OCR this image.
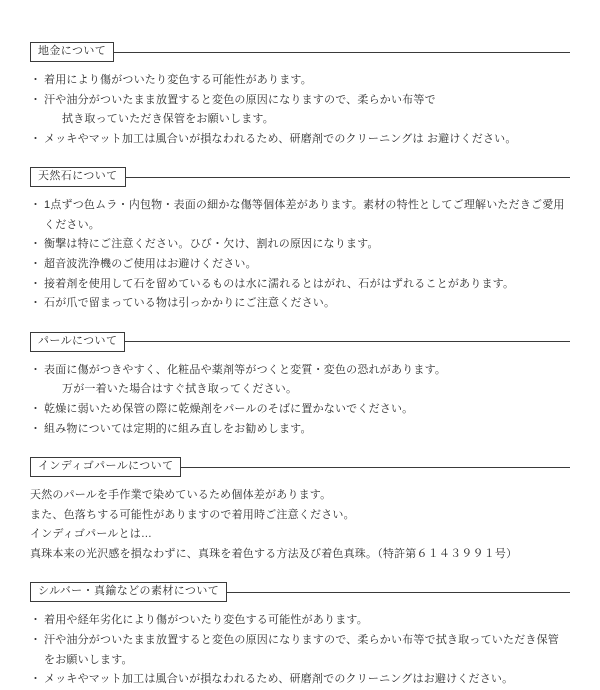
地金について
・ 着用により傷がついたり変色する可能性があります。
・ 汗や油分がついたまま放置すると変色の原因になりますので、柔らかい布等で
拭き取っていただき保管をお願いします。
・ メッキやマット加工は風合いが損なわれるため、研磨剤でのクリーニングは お避けください。
天然石について
・ 1点ずつ色ムラ・内包物・表面の細かな傷等個体差があります。素材の特性としてご理解いただきご愛用ください。
・ 衡撃は特にご注意ください。ひび・欠け、割れの原因になります。
・ 超音波洗浄機のご使用はお避けください。
・ 接着剤を使用して石を留めているものは水に濡れるとはがれ、石がはずれることがあります。
・ 石が爪で留まっている物は引っかかりにご注意ください。
パールについて
・ 表面に傷がつきやすく、化粧品や薬剤等がつくと変質・変色の恐れがあります。
万が一着いた場合はすぐ拭き取ってください。
・ 乾燥に弱いため保管の際に乾燥剤をパールのそばに置かないでください。
・ 組み物については定期的に組み直しをお勧めします。
インディゴパールについて

天然のパールを手作業で染めているため個体差があります。

また、色落ちする可能性がありますので着用時ご注意ください。

インディゴパールとは…

真珠本来の光沢感を損なわずに、真珠を着色する方法及び着色真珠。（特許第６１４３９９１号）

シルバー・真鍮などの素材について
・ 着用や経年劣化により傷がついたり変色する可能性があります。
・ 汗や油分がついたまま放置すると変色の原因になりますので、柔らかい布等で拭き取っていただき保管をお願いします。
・ メッキやマット加工は風合いが損なわれるため、研磨剤でのクリーニングはお避けください。
